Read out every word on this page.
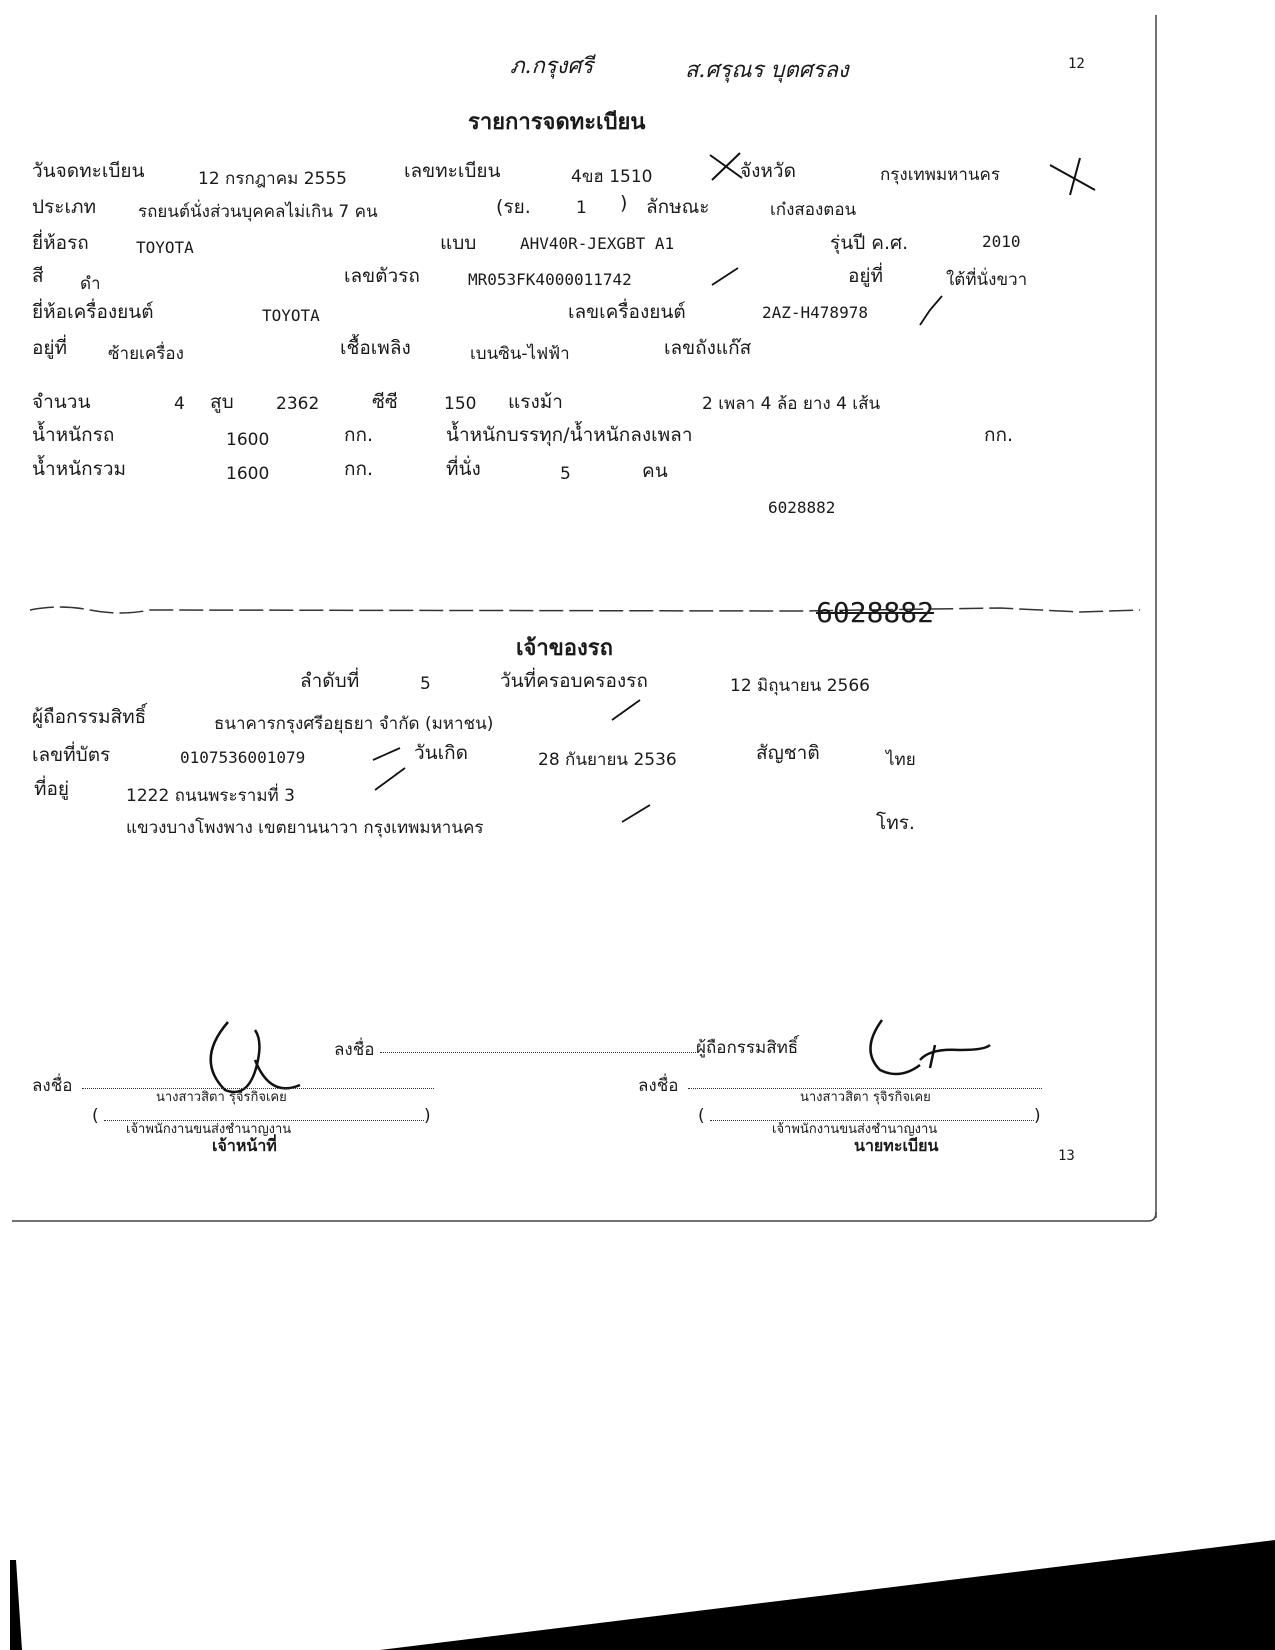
12
13
ภ.กรุงศรี	ส.ศรุณร บุตศรลง
รายการจดทะเบียน
วันจดทะเบียน	12 กรกฎาคม 2555	เลขทะเบียน	4ขฮ 1510	จังหวัด	กรุงเทพมหานคร
ประเภท รถยนต์นั่งส่วนบุคคลไม่เกิน 7 คน	(รย.	1 ) ลักษณะ	เก๋งสองตอน
ยี่ห้อรถ	TOYOTA	แบบ	AHV40R-JEXGBT A1	รุ่นปี ค.ศ.	2010
สี ดำ	เลขตัวรถ	MR053FK4000011742	อยู่ที่	ใต้ที่นั่งขวา
ยี่ห้อเครื่องยนต์	TOYOTA	เลขเครื่องยนต์	2AZ-H478978
อยู่ที่ ซ้ายเครื่อง	เชื้อเพลิง	เบนซิน-ไฟฟ้า	เลขถังแก๊ส
จำนวน	4 สูบ 2362	ซีซี	150 แรงม้า	2 เพลา 4 ล้อ ยาง 4 เส้น
น้ำหนักรถ	1600	กก.	น้ำหนักบรรทุก/น้ำหนักลงเพลา	กก.
น้ำหนักรวม	1600	กก.	ที่นั่ง	5	คน
6028882
6028882
เจ้าของรถ
ลำดับที่	5	วันที่ครอบครองรถ	12 มิถุนายน 2566
ผู้ถือกรรมสิทธิ์	ธนาคารกรุงศรีอยุธยา จำกัด (มหาชน)
เลขที่บัตร	0107536001079	วันเกิด	28 กันยายน 2536	สัญชาติ	ไทย
ที่อยู่	1222 ถนนพระรามที่ 3
แขวงบางโพงพาง เขตยานนาวา กรุงเทพมหานคร	โทร.
ลงชื่อ	ผู้ถือกรรมสิทธิ์
ลงชื่อ
นางสาวสิตา รุจิรกิจเคย
(	)
เจ้าพนักงานขนส่งชำนาญงาน
เจ้าหน้าที่
ลงชื่อ
นางสาวสิตา รุจิรกิจเคย
(	)
เจ้าพนักงานขนส่งชำนาญงาน
นายทะเบียน
